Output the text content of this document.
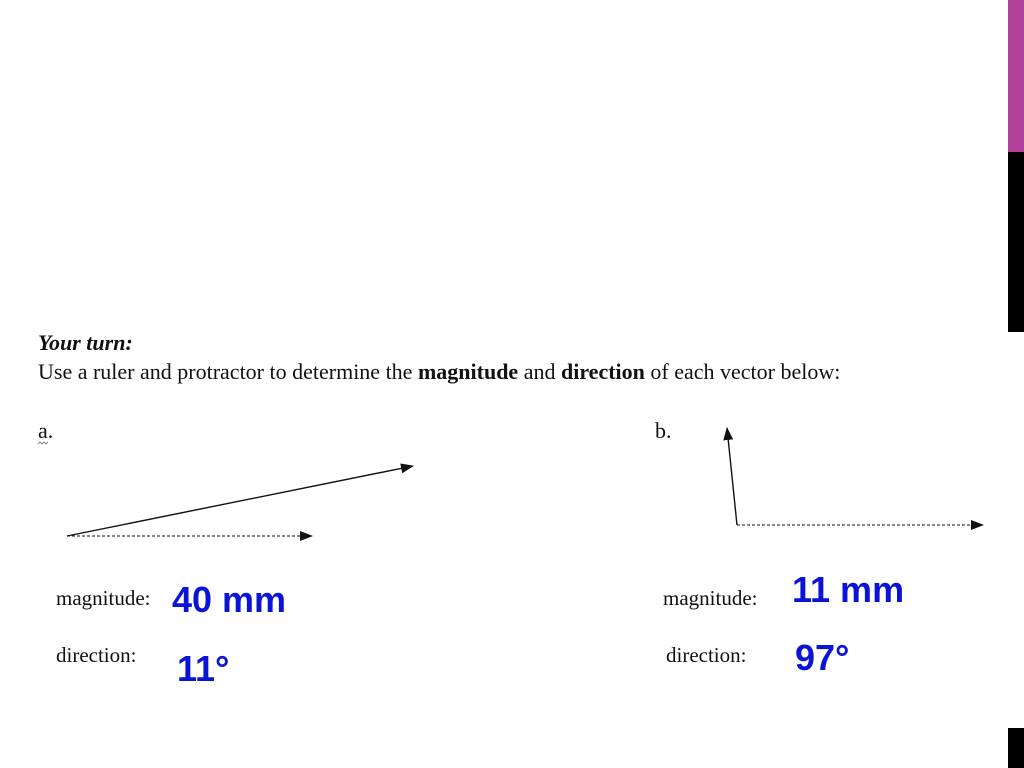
Your turn:
Use a ruler and protractor to determine the magnitude and direction of each vector below:
a.	b.
magnitude: 40 mm
direction: 11°
magnitude: 11 mm
direction: 97°
